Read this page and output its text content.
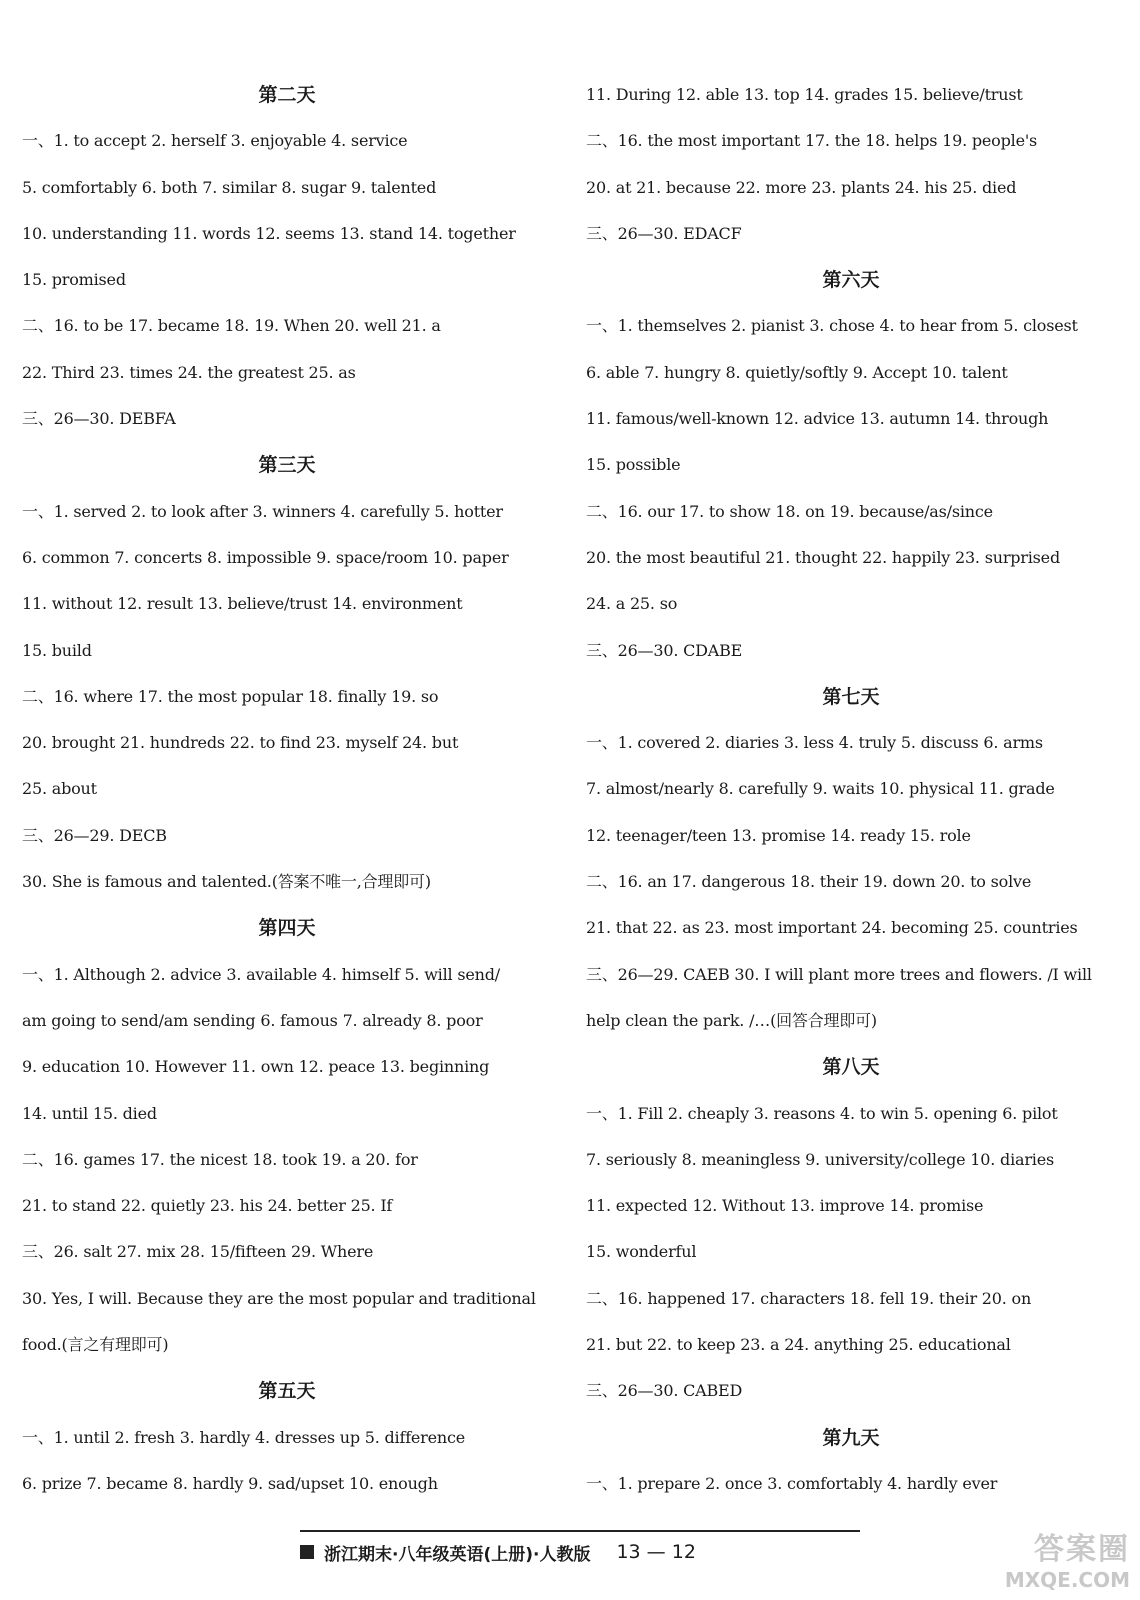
第二天
一、1. to accept 2. herself 3. enjoyable 4. service
5. comfortably 6. both 7. similar 8. sugar 9. talented
10. understanding 11. words 12. seems 13. stand 14. together
15. promised
二、16. to be 17. became 18. 19. When 20. well 21. a
22. Third 23. times 24. the greatest 25. as
三、26—30. DEBFA
第三天
一、1. served 2. to look after 3. winners 4. carefully 5. hotter
6. common 7. concerts 8. impossible 9. space/room 10. paper
11. without 12. result 13. believe/trust 14. environment
15. build
二、16. where 17. the most popular 18. finally 19. so
20. brought 21. hundreds 22. to find 23. myself 24. but
25. about
三、26—29. DECB
30. She is famous and talented.(答案不唯一,合理即可)
第四天
一、1. Although 2. advice 3. available 4. himself 5. will send/
am going to send/am sending 6. famous 7. already 8. poor
9. education 10. However 11. own 12. peace 13. beginning
14. until 15. died
二、16. games 17. the nicest 18. took 19. a 20. for
21. to stand 22. quietly 23. his 24. better 25. If
三、26. salt 27. mix 28. 15/fifteen 29. Where
30. Yes, I will. Because they are the most popular and traditional
food.(言之有理即可)
第五天
一、1. until 2. fresh 3. hardly 4. dresses up 5. difference
6. prize 7. became 8. hardly 9. sad/upset 10. enough
11. During 12. able 13. top 14. grades 15. believe/trust
二、16. the most important 17. the 18. helps 19. people's
20. at 21. because 22. more 23. plants 24. his 25. died
三、26—30. EDACF
第六天
一、1. themselves 2. pianist 3. chose 4. to hear from 5. closest
6. able 7. hungry 8. quietly/softly 9. Accept 10. talent
11. famous/well-known 12. advice 13. autumn 14. through
15. possible
二、16. our 17. to show 18. on 19. because/as/since
20. the most beautiful 21. thought 22. happily 23. surprised
24. a 25. so
三、26—30. CDABE
第七天
一、1. covered 2. diaries 3. less 4. truly 5. discuss 6. arms
7. almost/nearly 8. carefully 9. waits 10. physical 11. grade
12. teenager/teen 13. promise 14. ready 15. role
二、16. an 17. dangerous 18. their 19. down 20. to solve
21. that 22. as 23. most important 24. becoming 25. countries
三、26—29. CAEB 30. I will plant more trees and flowers. /I will
help clean the park. /…(回答合理即可)
第八天
一、1. Fill 2. cheaply 3. reasons 4. to win 5. opening 6. pilot
7. seriously 8. meaningless 9. university/college 10. diaries
11. expected 12. Without 13. improve 14. promise
15. wonderful
二、16. happened 17. characters 18. fell 19. their 20. on
21. but 22. to keep 23. a 24. anything 25. educational
三、26—30. CABED
第九天
一、1. prepare 2. once 3. comfortably 4. hardly ever
浙江期末·八年级英语(上册)·人教版 13 — 12	答案圈
MXQE.COM
